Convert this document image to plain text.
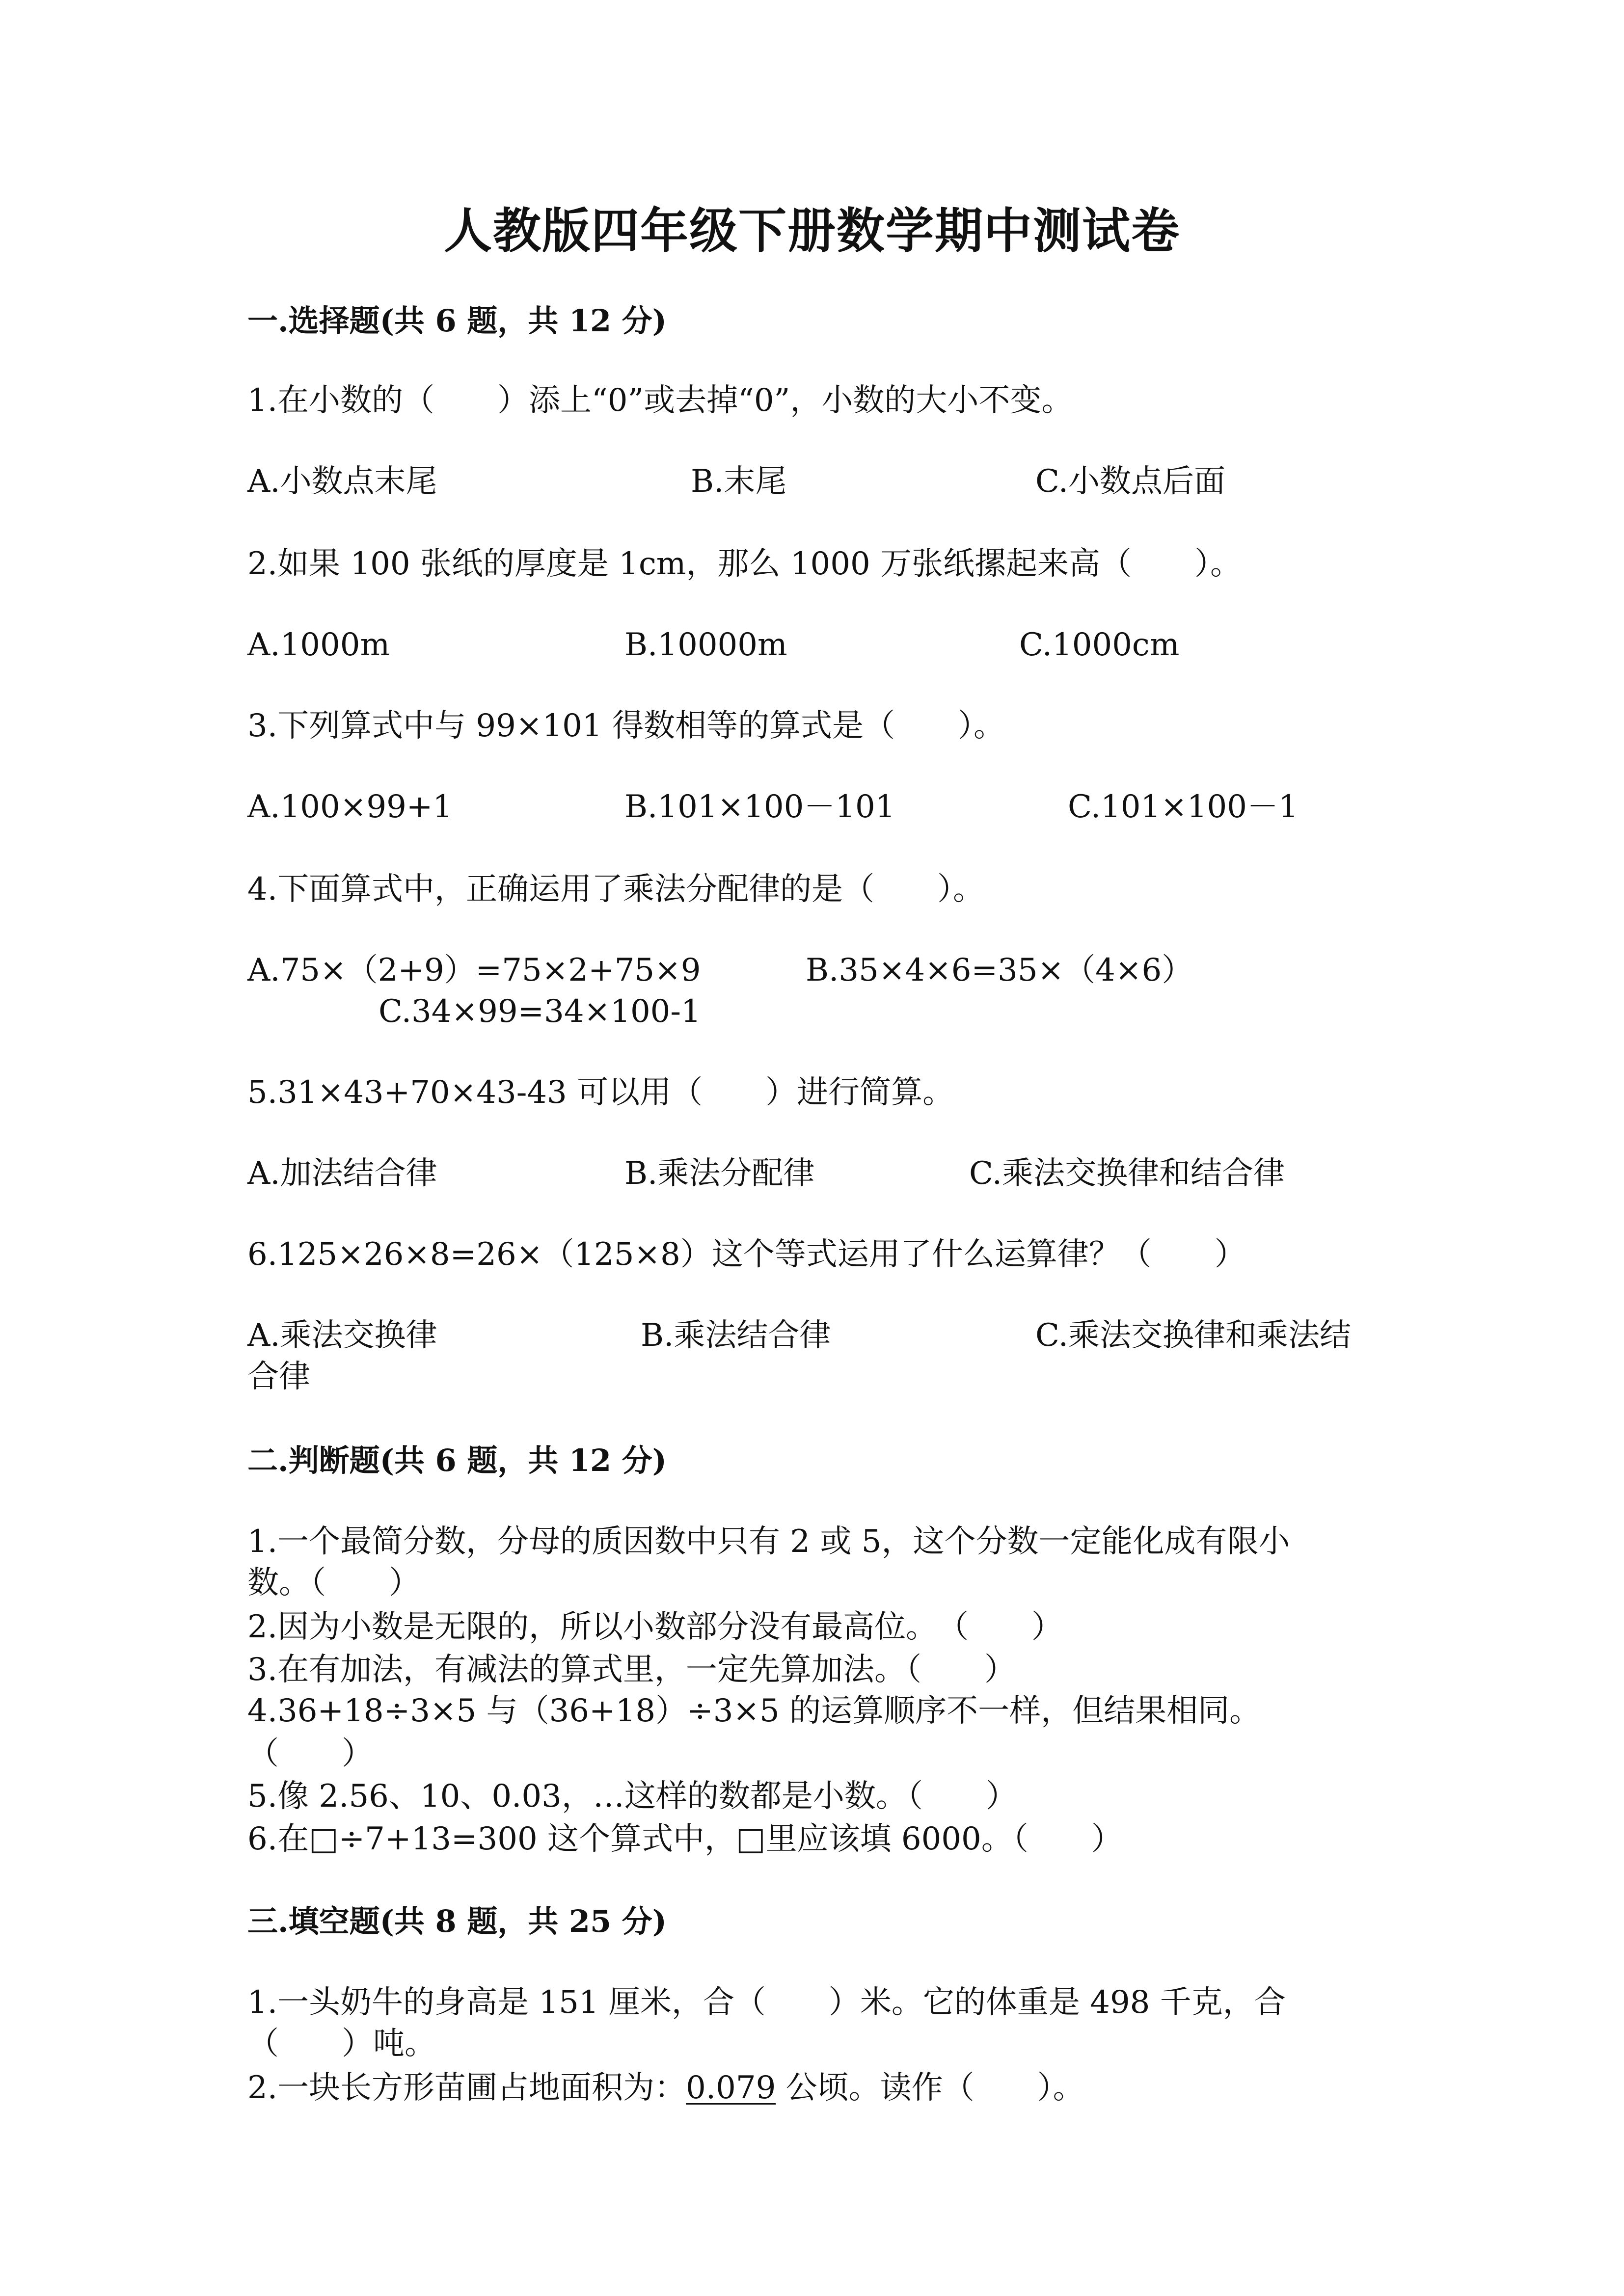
人教版四年级下册数学期中测试卷
一.选择题(共 6 题，共 12 分)
1.在小数的（　　）添上“0”或去掉“0”，小数的大小不变。
A.小数点末尾	B.末尾	C.小数点后面
2.如果 100 张纸的厚度是 1cm，那么 1000 万张纸摞起来高（　　）。
A.1000m	B.10000m	C.1000cm
3.下列算式中与 99×101 得数相等的算式是（　　）。
A.100×99+1	B.101×100－101	C.101×100－1
4.下面算式中，正确运用了乘法分配律的是（　　）。
A.75×（2+9）=75×2+75×9	B.35×4×6=35×（4×6）
C.34×99=34×100-1
5.31×43+70×43-43 可以用（　　）进行简算。
A.加法结合律	B.乘法分配律	C.乘法交换律和结合律
6.125×26×8=26×（125×8）这个等式运用了什么运算律？（　　）
A.乘法交换律	B.乘法结合律	C.乘法交换律和乘法结
合律
二.判断题(共 6 题，共 12 分)
1.一个最简分数，分母的质因数中只有 2 或 5，这个分数一定能化成有限小
数。（　　）
2.因为小数是无限的，所以小数部分没有最高位。　（　　）
3.在有加法，有减法的算式里，一定先算加法。（　　）
4.36+18÷3×5 与（36+18）÷3×5 的运算顺序不一样，但结果相同。
（　　）
5.像 2.56、10、0.03，…这样的数都是小数。（　　）
6.在□÷7+13=300 这个算式中，□里应该填 6000。（　　）
三.填空题(共 8 题，共 25 分)
1.一头奶牛的身高是 151 厘米，合（　　）米。它的体重是 498 千克，合
（　　）吨。
2.一块长方形苗圃占地面积为：0.079 公顷。读作（　　）。
